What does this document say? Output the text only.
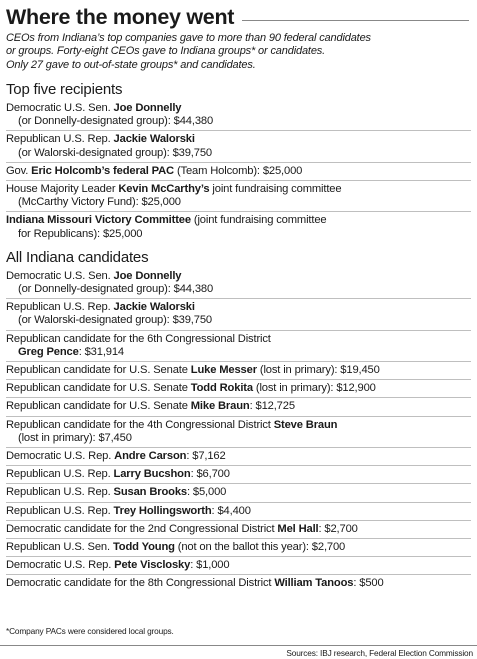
Where the money went
CEOs from Indiana’s top companies gave to more than 90 federal candidates
or groups. Forty-eight CEOs gave to Indiana groups* or candidates.
Only 27 gave to out-of-state groups* and candidates.
Top five recipients
Democratic U.S. Sen. Joe Donnelly
(or Donnelly-designated group): $44,380
Republican U.S. Rep. Jackie Walorski
(or Walorski-designated group): $39,750
Gov. Eric Holcomb’s federal PAC (Team Holcomb): $25,000
House Majority Leader Kevin McCarthy’s joint fundraising committee
(McCarthy Victory Fund): $25,000
Indiana Missouri Victory Committee (joint fundraising committee
for Republicans): $25,000
All Indiana candidates
Democratic U.S. Sen. Joe Donnelly
(or Donnelly-designated group): $44,380
Republican U.S. Rep. Jackie Walorski
(or Walorski-designated group): $39,750
Republican candidate for the 6th Congressional District
Greg Pence: $31,914
Republican candidate for U.S. Senate Luke Messer (lost in primary): $19,450
Republican candidate for U.S. Senate Todd Rokita (lost in primary): $12,900
Republican candidate for U.S. Senate Mike Braun: $12,725
Republican candidate for the 4th Congressional District Steve Braun
(lost in primary): $7,450
Democratic U.S. Rep. Andre Carson: $7,162
Republican U.S. Rep. Larry Bucshon: $6,700
Republican U.S. Rep. Susan Brooks: $5,000
Republican U.S. Rep. Trey Hollingsworth: $4,400
Democratic candidate for the 2nd Congressional District Mel Hall: $2,700
Republican U.S. Sen. Todd Young (not on the ballot this year): $2,700
Democratic U.S. Rep. Pete Visclosky: $1,000
Democratic candidate for the 8th Congressional District William Tanoos: $500
*Company PACs were considered local groups.
Sources: IBJ research, Federal Election Commission
